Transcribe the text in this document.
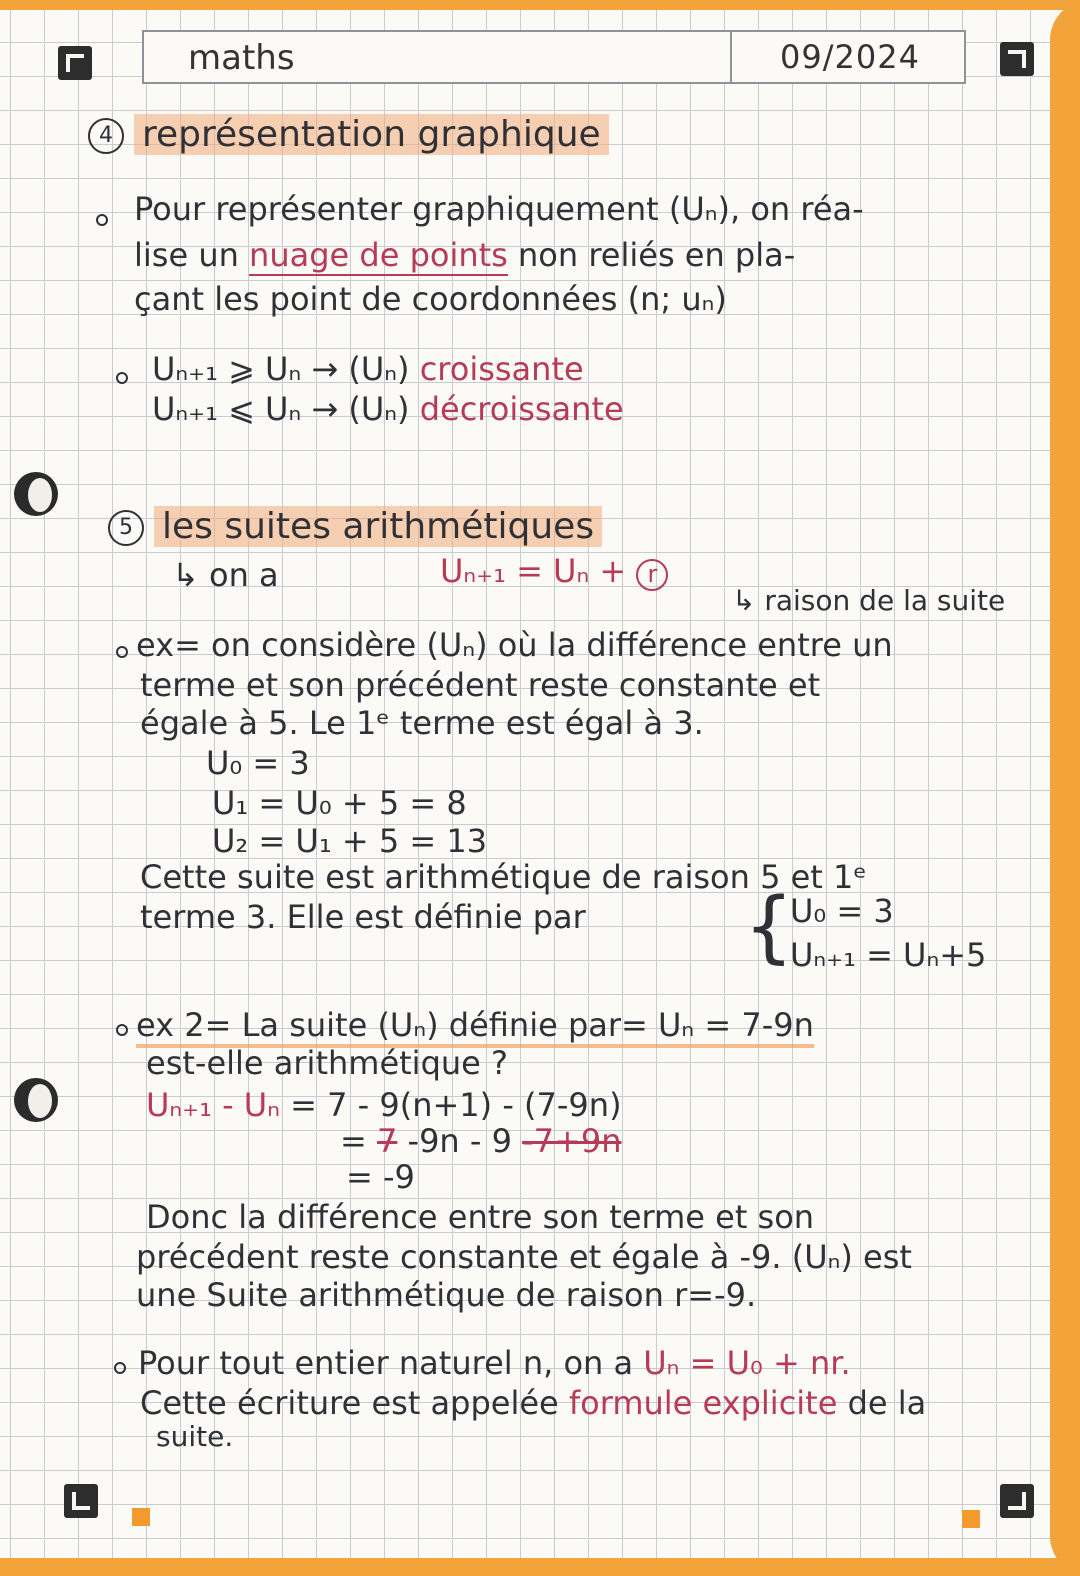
maths	09/2024
4 représentation graphique
Pour représenter graphiquement (Uₙ), on réa-
lise un nuage de points non reliés en pla-
çant les point de coordonnées (n; uₙ)
Uₙ₊₁ ⩾ Uₙ → (Uₙ) croissante
Uₙ₊₁ ⩽ Uₙ → (Uₙ) décroissante
5 les suites arithmétiques
↳ on a	Uₙ₊₁ = Uₙ + r
↳ raison de la suite
ex= on considère (Uₙ) où la différence entre un
terme et son précédent reste constante et
égale à 5. Le 1ᵉ terme est égal à 3.
U₀ = 3
U₁ = U₀ + 5 = 8
U₂ = U₁ + 5 = 13
Cette suite est arithmétique de raison 5 et 1ᵉ
terme 3. Elle est définie par {
U₀ = 3
Uₙ₊₁ = Uₙ+5
ex 2= La suite (Uₙ) définie par= Uₙ = 7-9n
est-elle arithmétique ?
Uₙ₊₁ - Uₙ = 7 - 9(n+1) - (7-9n)
= 7 -9n - 9 -7+9n
= -9
Donc la différence entre son terme et son
précédent reste constante et égale à -9. (Uₙ) est
une Suite arithmétique de raison r=-9.
Pour tout entier naturel n, on a Uₙ = U₀ + nr.
Cette écriture est appelée formule explicite de la
suite.
